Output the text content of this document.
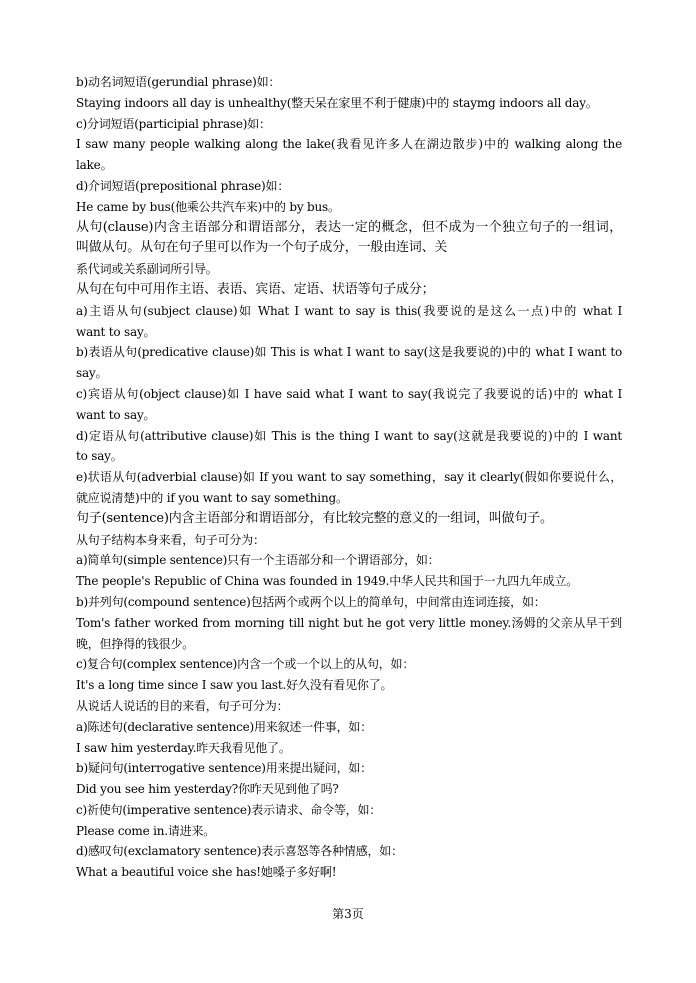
b)动名词短语(gerundial phrase)如：
Staying indoors all day is unhealthy(整天呆在家里不利于健康)中的 staymg indoors all day。
c)分词短语(participial phrase)如：
I saw many people walking along the lake(我看见许多人在湖边散步)中的 walking along the
lake。
d)介词短语(prepositional phrase)如：
He came by bus(他乘公共汽车来)中的 by bus。
从句(clause)内含主语部分和谓语部分，表达一定的概念，但不成为一个独立句子的一组词，
叫做从句。从句在句子里可以作为一个句子成分，一般由连词、关
系代词或关系副词所引导。
从句在句中可用作主语、表语、宾语、定语、状语等句子成分；
a)主语从句(subject clause)如 What I want to say is this(我要说的是这么一点)中的 what I
want to say。
b)表语从句(predicative clause)如 This is what I want to say(这是我要说的)中的 what I want to
say。
c)宾语从句(object clause)如 I have said what I want to say(我说完了我要说的话)中的 what I
want to say。
d)定语从句(attributive clause)如 This is the thing I want to say(这就是我要说的)中的 I want
to say。
e)状语从句(adverbial clause)如 If you want to say something，say it clearly(假如你要说什么，
就应说清楚)中的 if you want to say something。
句子(sentence)内含主语部分和谓语部分，有比较完整的意义的一组词，叫做句子。
从句子结构本身来看，句子可分为：
a)简单句(simple sentence)只有一个主语部分和一个谓语部分，如：
The people's Republic of China was founded in 1949.中华人民共和国于一九四九年成立。
b)并列句(compound sentence)包括两个或两个以上的简单句，中间常由连词连接，如：
Tom's father worked from morning till night but he got very little money.汤姆的父亲从早干到
晚，但挣得的钱很少。
c)复合句(complex sentence)内含一个或一个以上的从句，如：
It's a long time since I saw you last.好久没有看见你了。
从说话人说话的目的来看，句子可分为：
a)陈述句(declarative sentence)用来叙述一件事，如：
I saw him yesterday.昨天我看见他了。
b)疑问句(interrogative sentence)用来提出疑问，如：
Did you see him yesterday?你昨天见到他了吗?
c)祈使句(imperative sentence)表示请求、命令等，如：
Please come in.请进来。
d)感叹句(exclamatory sentence)表示喜怒等各种情感，如：
What a beautiful voice she has!她嗓子多好啊!
第3页
